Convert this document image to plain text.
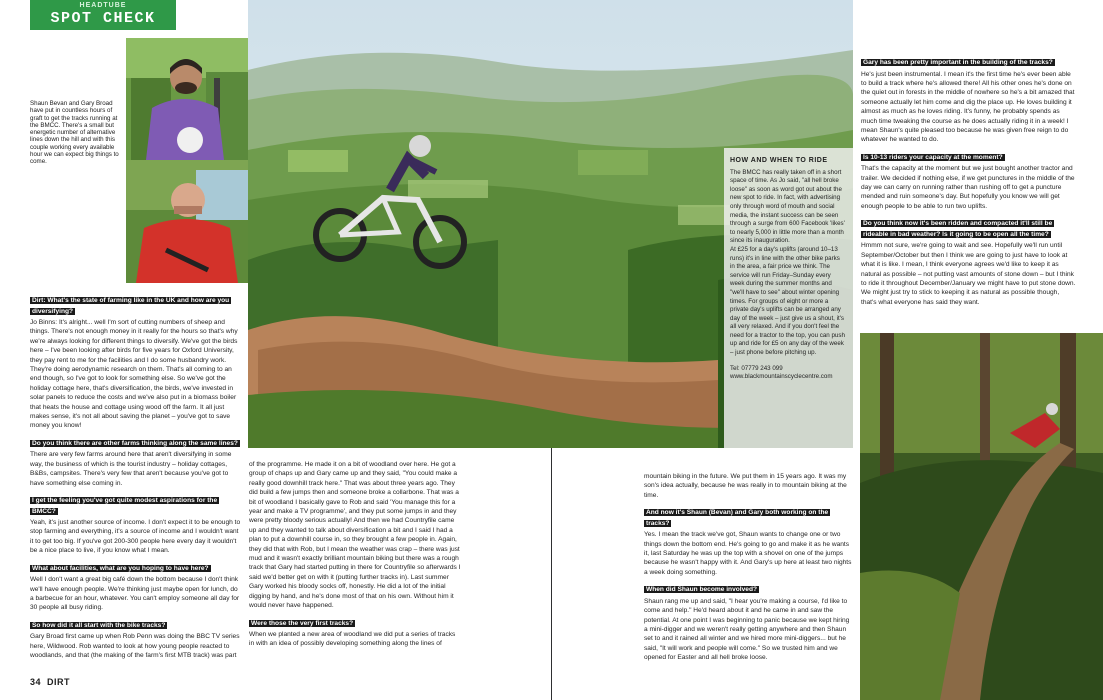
HEADTUBE
SPOT CHECK
Shaun Bevan and Gary Broad have put in countless hours of graft to get the tracks running at the BMCC. There's a small but energetic number of alternative lines down the hill and with this couple working every available hour we can expect big things to come.
Dirt: What's the state of farming like in the UK and how are you diversifying?

Jo Binns: It's alright... well I'm sort of cutting numbers of sheep and things. There's not enough money in it really for the hours so that's why we're always looking for different things to diversify. We've got the birds here – I've been looking after birds for five years for Oxford University, they pay rent to me for the facilities and I do some husbandry work. They're doing aerodynamic research on them. That's all coming to an end though, so I've got to look for something else. So we've got the holiday cottage here, that's diversification, the birds, we've invested in solar panels to reduce the costs and we've also put in a biomass boiler that heats the house and cottage using wood off the farm. It all just makes sense, it's not all about saving the planet – you've got to save money you know!

Do you think there are other farms thinking along the same lines?

There are very few farms around here that aren't diversifying in some way, the business of which is the tourist industry – holiday cottages, B&Bs, campsites. There's very few that aren't because you've got to have something else coming in.

I get the feeling you've got quite modest aspirations for the BMCC?

Yeah, it's just another source of income. I don't expect it to be enough to stop farming and everything, it's a source of income and I wouldn't want it to get too big. If you've got 200-300 people here every day it wouldn't be a nice place to live, if you know what I mean.

What about facilities, what are you hoping to have here?

Well I don't want a great big café down the bottom because I don't think we'll have enough people. We're thinking just maybe open for lunch, do a barbecue for an hour, whatever. You can't employ someone all day for 30 people all busy riding.

So how did it all start with the bike tracks?

Gary Broad first came up when Rob Penn was doing the BBC TV series here, Wildwood. Rob wanted to look at how young people reacted to woodlands, and that (the making of the farm's first MTB track) was part

of the programme. He made it on a bit of woodland over here. He got a group of chaps up and Gary came up and they said, "You could make a really good downhill track here." That was about three years ago. They did build a few jumps then and someone broke a collarbone. That was a bit of woodland I basically gave to Rob and said 'You manage this for a year and make a TV programme', and they put some jumps in and they were pretty bloody serious actually! And then we had Countryfile came up and they wanted to talk about diversification a bit and I said I had a plan to put a downhill course in, so they brought a few people in. Again, they did that with Rob, but I mean the weather was crap – there was just mud and it wasn't exactly brilliant mountain biking but there was a rough track that Gary had started putting in there for Countryfile so afterwards I said we'd better get on with it (putting further tracks in). Last summer Gary worked his bloody socks off, honestly. He did a lot of the initial digging by hand, and he's done most of that on his own. Without him it would never have happened.

Were those the very first tracks?

When we planted a new area of woodland we did put a series of tracks in with an idea of possibly developing something along the lines of

HOW AND WHEN TO RIDE

The BMCC has really taken off in a short space of time. As Jo said, "all hell broke loose" as soon as word got out about the new spot to ride. In fact, with advertising only through word of mouth and social media, the instant success can be seen through a surge from 600 Facebook 'likes' to nearly 5,000 in little more than a month since its inauguration.

At £25 for a day's uplifts (around 10–13 runs) it's in line with the other bike parks in the area, a fair price we think. The service will run Friday–Sunday every week during the summer months and "we'll have to see" about winter opening times. For groups of eight or more a private day's uplifts can be arranged any day of the week – just give us a shout, it's all very relaxed. And if you don't feel the need for a tractor to the top, you can push up and ride for £5 on any day of the week – just phone before pitching up.

Tel: 07779 243 099

www.blackmountainscyclecentre.com

mountain biking in the future. We put them in 15 years ago. It was my son's idea actually, because he was really in to mountain biking at the time.

And now it's Shaun (Bevan) and Gary both working on the tracks?

Yes. I mean the track we've got, Shaun wants to change one or two things down the bottom end. He's going to go and make it as he wants it, last Saturday he was up the top with a shovel on one of the jumps because he wasn't happy with it. And Gary's up here at least two nights a week doing something.

When did Shaun become involved?

Shaun rang me up and said, "I hear you're making a course, I'd like to come and help." He'd heard about it and he came in and saw the potential. At one point I was beginning to panic because we kept hiring a mini-digger and we weren't really getting anywhere and then Shaun set to and it rained all winter and we hired more mini-diggers... but he said, "It will work and people will come." So we trusted him and we opened for Easter and all hell broke loose.

Gary has been pretty important in the building of the tracks?

He's just been instrumental. I mean it's the first time he's ever been able to build a track where he's allowed there! All his other ones he's done on the quiet out in forests in the middle of nowhere so he's a bit amazed that someone actually let him come and dig the place up. He loves building it almost as much as he loves riding. It's funny, he probably spends as much time tweaking the course as he does actually riding it in a week! I mean Shaun's quite pleased too because he was given free reign to do whatever he wanted to do.

Is 10-13 riders your capacity at the moment?

That's the capacity at the moment but we just bought another tractor and trailer. We decided if nothing else, if we get punctures in the middle of the day we can carry on running rather than rushing off to get a puncture mended and ruin someone's day. But hopefully you know we will get enough people to be able to run two uplifts.

Do you think now it's been ridden and compacted it'll still be rideable in bad weather? Is it going to be open all the time?

Hmmm not sure, we're going to wait and see. Hopefully we'll run until September/October but then I think we are going to just have to look at what it is like. I mean, I think everyone agrees we'd like to keep it as natural as possible – not putting vast amounts of stone down – but I think to ride it throughout December/January we might have to put stone down. We might just try to stick to keeping it as natural as possible though, that's what everyone has said they want.

34 DIRT
